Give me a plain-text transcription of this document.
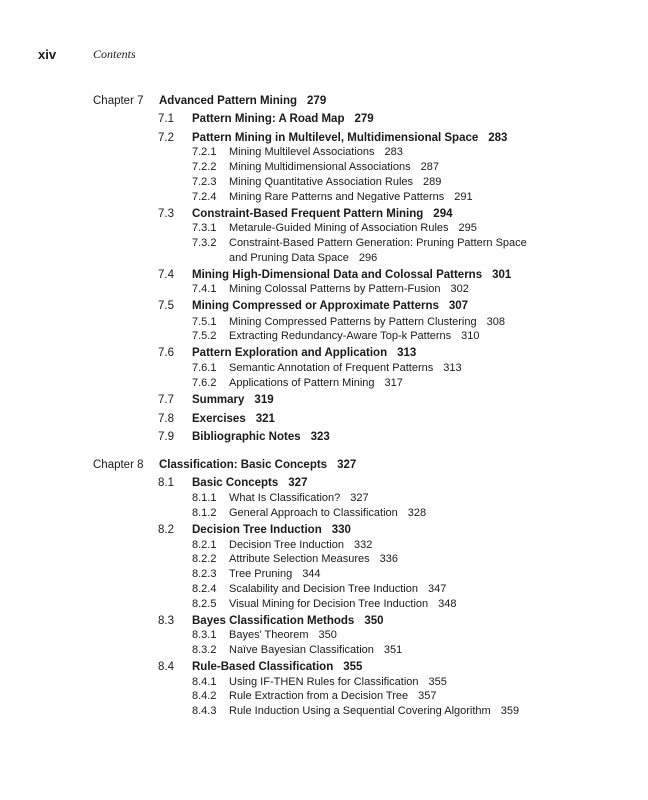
xiv	Contents
Chapter 7 Advanced Pattern Mining 279
7.1 Pattern Mining: A Road Map 279
7.2 Pattern Mining in Multilevel, Multidimensional Space 283
7.2.1 Mining Multilevel Associations 283
7.2.2 Mining Multidimensional Associations 287
7.2.3 Mining Quantitative Association Rules 289
7.2.4 Mining Rare Patterns and Negative Patterns 291
7.3 Constraint-Based Frequent Pattern Mining 294
7.3.1 Metarule-Guided Mining of Association Rules 295
7.3.2 Constraint-Based Pattern Generation: Pruning Pattern Space
and Pruning Data Space 296
7.4 Mining High-Dimensional Data and Colossal Patterns 301
7.4.1 Mining Colossal Patterns by Pattern-Fusion 302
7.5 Mining Compressed or Approximate Patterns 307
7.5.1 Mining Compressed Patterns by Pattern Clustering 308
7.5.2 Extracting Redundancy-Aware Top-k Patterns 310
7.6 Pattern Exploration and Application 313
7.6.1 Semantic Annotation of Frequent Patterns 313
7.6.2 Applications of Pattern Mining 317
7.7 Summary 319
7.8 Exercises 321
7.9 Bibliographic Notes 323
Chapter 8 Classification: Basic Concepts 327
8.1 Basic Concepts 327
8.1.1 What Is Classification? 327
8.1.2 General Approach to Classification 328
8.2 Decision Tree Induction 330
8.2.1 Decision Tree Induction 332
8.2.2 Attribute Selection Measures 336
8.2.3 Tree Pruning 344
8.2.4 Scalability and Decision Tree Induction 347
8.2.5 Visual Mining for Decision Tree Induction 348
8.3 Bayes Classification Methods 350
8.3.1 Bayes' Theorem 350
8.3.2 Naïve Bayesian Classification 351
8.4 Rule-Based Classification 355
8.4.1 Using IF-THEN Rules for Classification 355
8.4.2 Rule Extraction from a Decision Tree 357
8.4.3 Rule Induction Using a Sequential Covering Algorithm 359
